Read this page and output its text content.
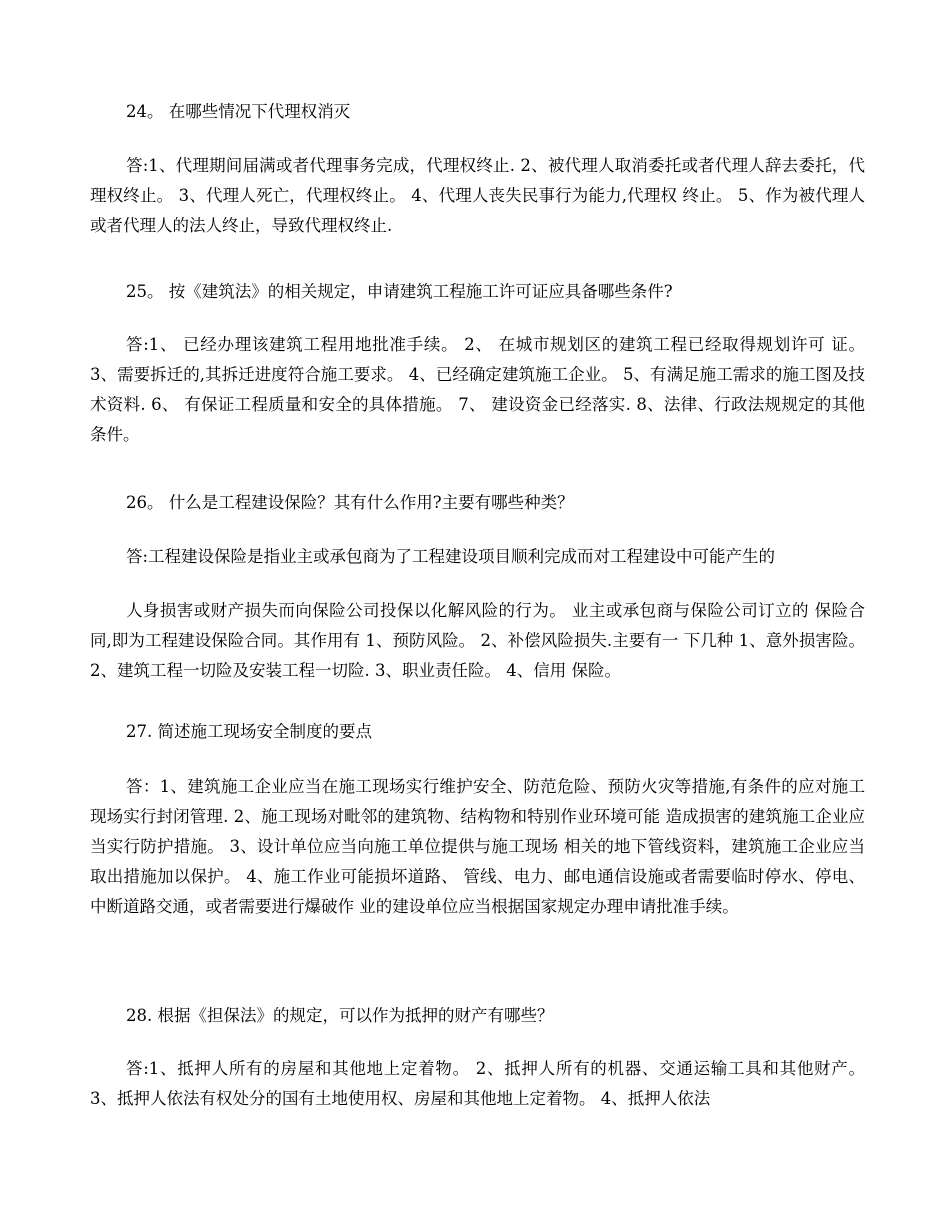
24。 在哪些情况下代理权消灭

答:1、代理期间届满或者代理事务完成，代理权终止. 2、被代理人取消委托或者代理人辞去委托，代理权终止。 3、代理人死亡，代理权终止。 4、代理人丧失民事行为能力,代理权 终止。 5、作为被代理人或者代理人的法人终止，导致代理权终止.

25。 按《建筑法》的相关规定，申请建筑工程施工许可证应具备哪些条件?

答:1、 已经办理该建筑工程用地批准手续。 2、 在城市规划区的建筑工程已经取得规划许可 证。 3、需要拆迁的,其拆迁进度符合施工要求。 4、已经确定建筑施工企业。 5、有满足施工需求的施工图及技术资料. 6、 有保证工程质量和安全的具体措施。 7、 建设资金已经落实. 8、法律、行政法规规定的其他条件。

26。 什么是工程建设保险？其有什么作用?主要有哪些种类？

答:工程建设保险是指业主或承包商为了工程建设项目顺利完成而对工程建设中可能产生的

人身损害或财产损失而向保险公司投保以化解风险的行为。 业主或承包商与保险公司订立的 保险合同,即为工程建设保险合同。其作用有 1、预防风险。 2、补偿风险损失.主要有一 下几种 1、意外损害险。 2、建筑工程一切险及安装工程一切险. 3、职业责任险。 4、信用 保险。

27. 简述施工现场安全制度的要点

答：1、建筑施工企业应当在施工现场实行维护安全、防范危险、预防火灾等措施,有条件的应对施工现场实行封闭管理. 2、施工现场对毗邻的建筑物、结构物和特别作业环境可能 造成损害的建筑施工企业应当实行防护措施。 3、设计单位应当向施工单位提供与施工现场 相关的地下管线资料，建筑施工企业应当取出措施加以保护。 4、施工作业可能损坏道路、 管线、电力、邮电通信设施或者需要临时停水、停电、中断道路交通，或者需要进行爆破作 业的建设单位应当根据国家规定办理申请批准手续。

28. 根据《担保法》的规定，可以作为抵押的财产有哪些？

答:1、抵押人所有的房屋和其他地上定着物。 2、抵押人所有的机器、交通运输工具和其他财产。 3、抵押人依法有权处分的国有土地使用权、房屋和其他地上定着物。 4、抵押人依法
